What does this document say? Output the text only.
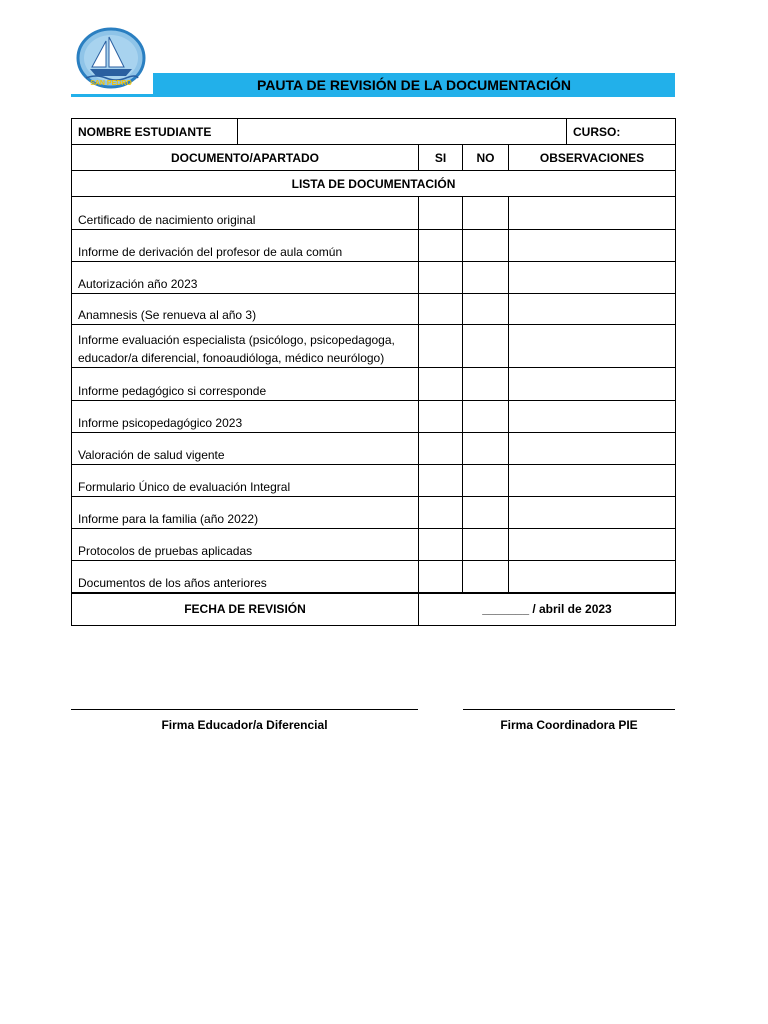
SAN PEDRO	PAUTA DE REVISIÓN DE LA DOCUMENTACIÓN
NOMBRE ESTUDIANTE					CURSO:
DOCUMENTO/APARTADO		SI	NO	OBSERVACIONES	
LISTA DE DOCUMENTACIÓN					
Certificado de nacimiento original					
Informe de derivación del profesor de aula común					
Autorización año 2023					
Anamnesis (Se renueva al año 3)					
Informe evaluación especialista (psicólogo, psicopedagoga, educador/a diferencial, fonoaudióloga, médico neurólogo)					
Informe pedagógico si corresponde					
Informe psicopedagógico 2023					
Valoración de salud vigente					
Formulario Único de evaluación Integral					
Informe para la familia (año 2022)					
Protocolos de pruebas aplicadas					
Documentos de los años anteriores					
FECHA DE REVISIÓN		_______ / abril de 2023			
Firma Educador/a Diferencial	Firma Coordinadora PIE
